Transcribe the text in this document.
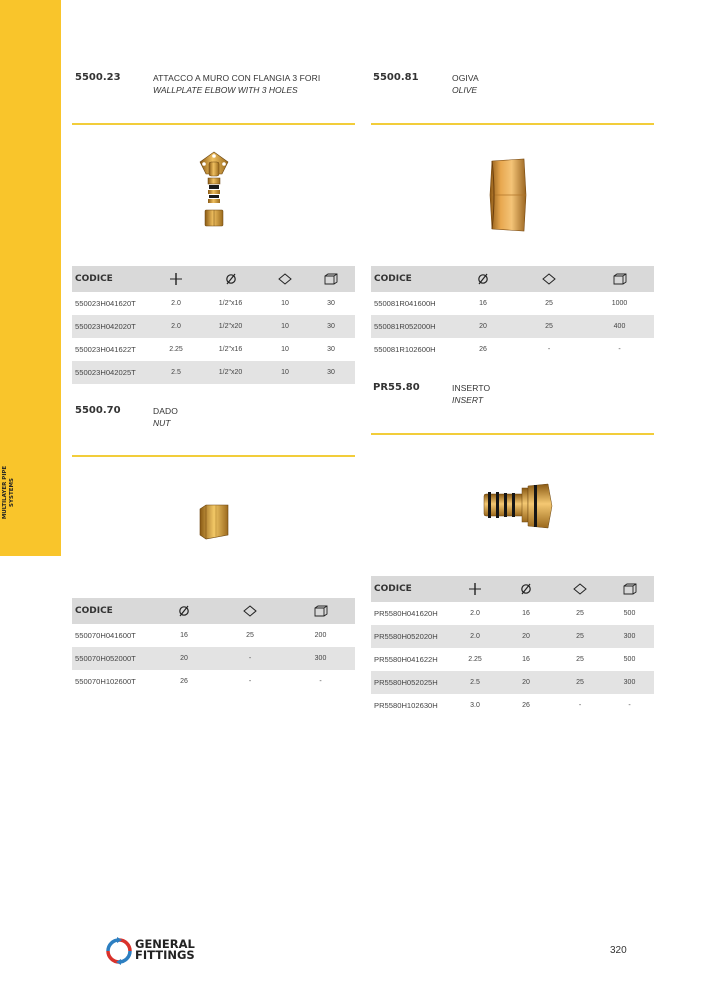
MULTILAYER PIPE SYSTEMS
5500.23	ATTACCO A MURO CON FLANGIA 3 FORI
WALLPLATE ELBOW WITH 3 HOLES
CODICE				
550023H041620T	2.0	1/2"x16	10	30
550023H042020T	2.0	1/2"x20	10	30
550023H041622T	2.25	1/2"x16	10	30
550023H042025T	2.5	1/2"x20	10	30
5500.81	OGIVA
OLIVE
CODICE			
550081R041600H	16	25	1000
550081R052000H	20	25	400
550081R102600H	26	-	-
5500.70	DADO
NUT
CODICE			
550070H041600T	16	25	200
550070H052000T	20	-	300
550070H102600T	26	-	-
PR55.80	INSERTO
INSERT
CODICE				
PR5580H041620H	2.0	16	25	500
PR5580H052020H	2.0	20	25	300
PR5580H041622H	2.25	16	25	500
PR5580H052025H	2.5	20	25	300
PR5580H102630H	3.0	26	-	-
GENERAL
FITTINGS	320
